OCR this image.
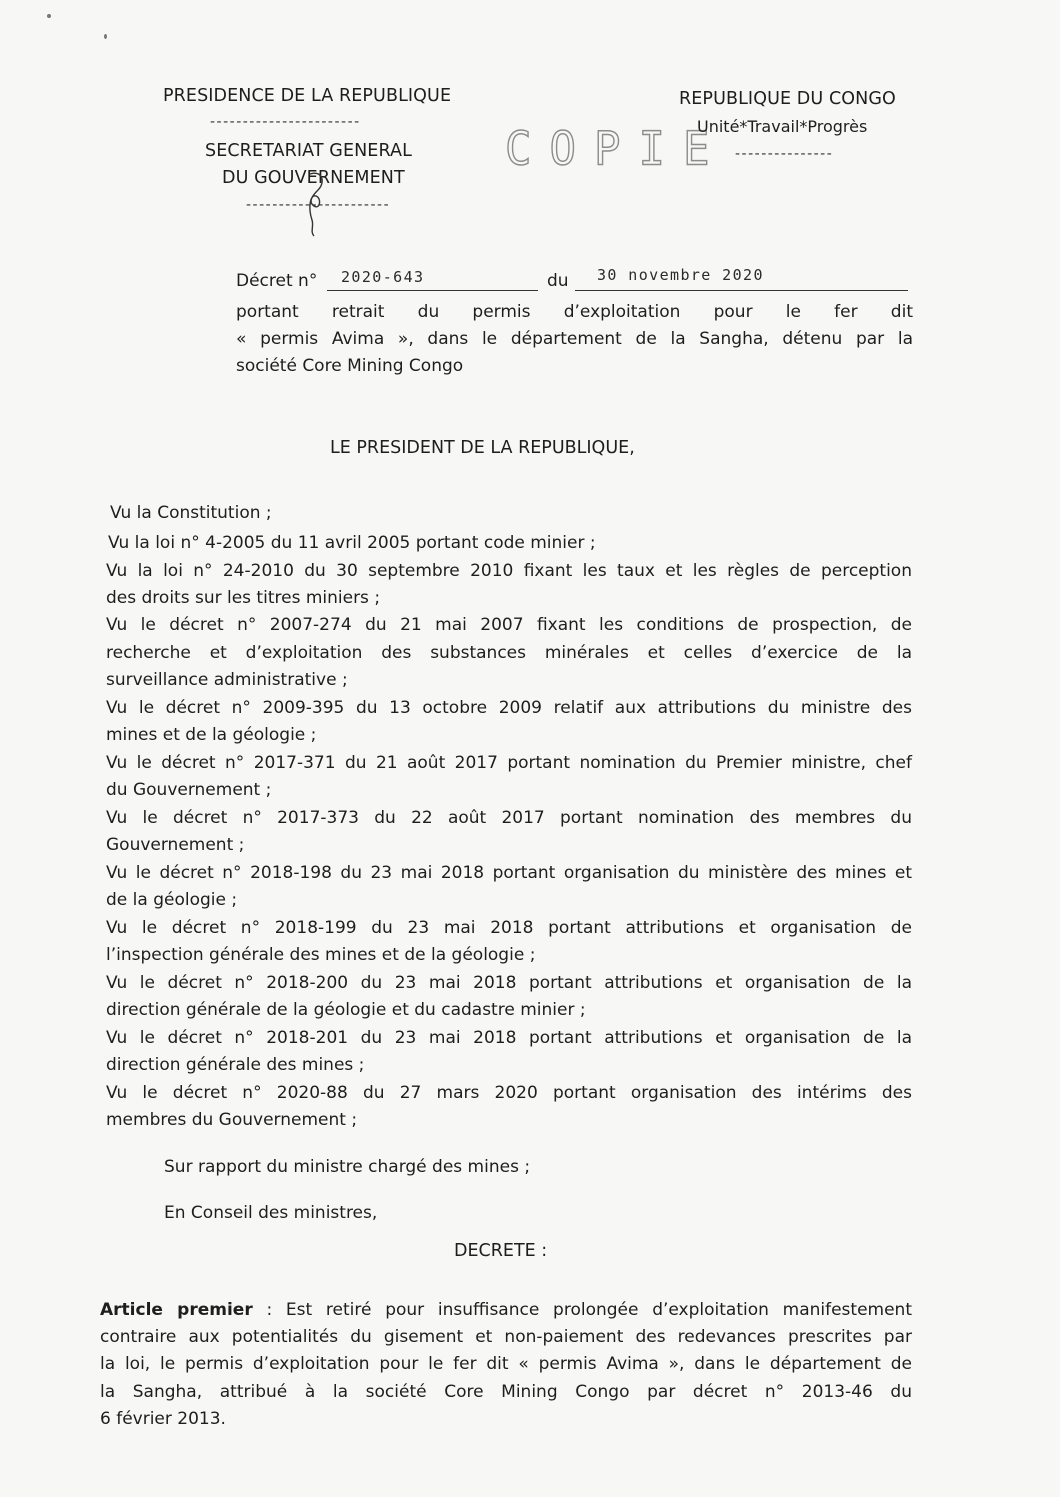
PRESIDENCE DE LA REPUBLIQUE
-----------------------
SECRETARIAT GENERAL
DU GOUVERNEMENT
----------------------
COPIE
REPUBLIQUE DU CONGO
Unité*Travail*Progrès
---------------
Décret n° 2020-643	du 30 novembre 2020
portant retrait du permis d’exploitation pour le fer dit
« permis Avima », dans le département de la Sangha, détenu par la
société Core Mining Congo
LE PRESIDENT DE LA REPUBLIQUE,
Vu la Constitution ;
Vu la loi n° 4-2005 du 11 avril 2005 portant code minier ;
Vu la loi n° 24-2010 du 30 septembre 2010 fixant les taux et les règles de perception
des droits sur les titres miniers ;
Vu le décret n° 2007-274 du 21 mai 2007 fixant les conditions de prospection, de
recherche et d’exploitation des substances minérales et celles d’exercice de la
surveillance administrative ;
Vu le décret n° 2009-395 du 13 octobre 2009 relatif aux attributions du ministre des
mines et de la géologie ;
Vu le décret n° 2017-371 du 21 août 2017 portant nomination du Premier ministre, chef
du Gouvernement ;
Vu le décret n° 2017-373 du 22 août 2017 portant nomination des membres du
Gouvernement ;
Vu le décret n° 2018-198 du 23 mai 2018 portant organisation du ministère des mines et
de la géologie ;
Vu le décret n° 2018-199 du 23 mai 2018 portant attributions et organisation de
l’inspection générale des mines et de la géologie ;
Vu le décret n° 2018-200 du 23 mai 2018 portant attributions et organisation de la
direction générale de la géologie et du cadastre minier ;
Vu le décret n° 2018-201 du 23 mai 2018 portant attributions et organisation de la
direction générale des mines ;
Vu le décret n° 2020-88 du 27 mars 2020 portant organisation des intérims des
membres du Gouvernement ;
Sur rapport du ministre chargé des mines ;
En Conseil des ministres,
DECRETE :
Article premier : Est retiré pour insuffisance prolongée d’exploitation manifestement
contraire aux potentialités du gisement et non-paiement des redevances prescrites par
la loi, le permis d’exploitation pour le fer dit « permis Avima », dans le département de
la Sangha, attribué à la société Core Mining Congo par décret n° 2013-46 du
6 février 2013.
